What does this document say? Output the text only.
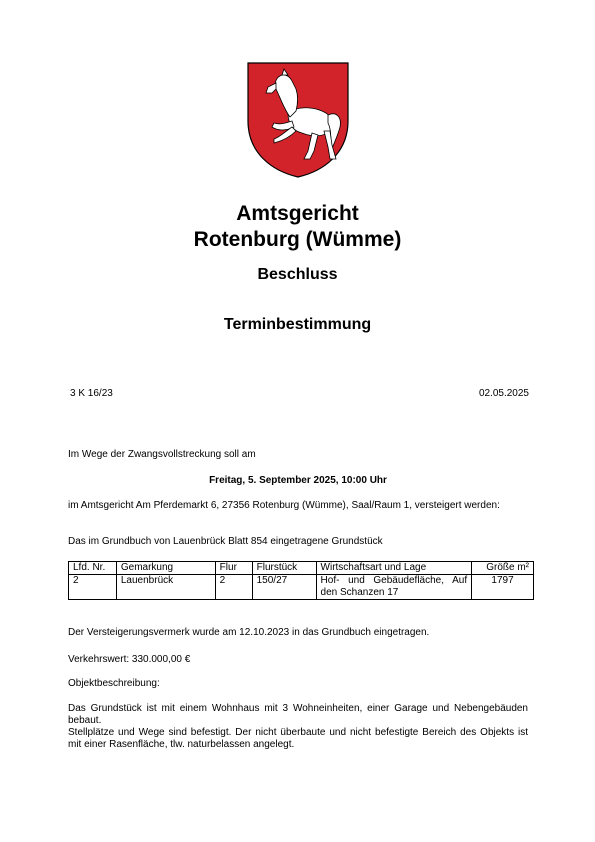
Amtsgericht
Rotenburg (Wümme)
Beschluss
Terminbestimmung
3 K 16/23	02.05.2025
Im Wege der Zwangsvollstreckung soll am
Freitag, 5. September 2025, 10:00 Uhr
im Amtsgericht Am Pferdemarkt 6, 27356 Rotenburg (Wümme), Saal/Raum 1, versteigert werden:
Das im Grundbuch von Lauenbrück Blatt 854 eingetragene Grundstück
Lfd. Nr.	Gemarkung	Flur	Flurstück	Wirtschaftsart und Lage	Größe m²
2	Lauenbrück	2	150/27	Hof- und Gebäudefläche, Auf den Schanzen 17	1797
Der Versteigerungsvermerk wurde am 12.10.2023 in das Grundbuch eingetragen.
Verkehrswert: 330.000,00 €
Objektbeschreibung:
Das Grundstück ist mit einem Wohnhaus mit 3 Wohneinheiten, einer Garage und Nebengebäuden bebaut.
Stellplätze und Wege sind befestigt. Der nicht überbaute und nicht befestigte Bereich des Objekts ist mit einer Rasenfläche, tlw. naturbelassen angelegt.
